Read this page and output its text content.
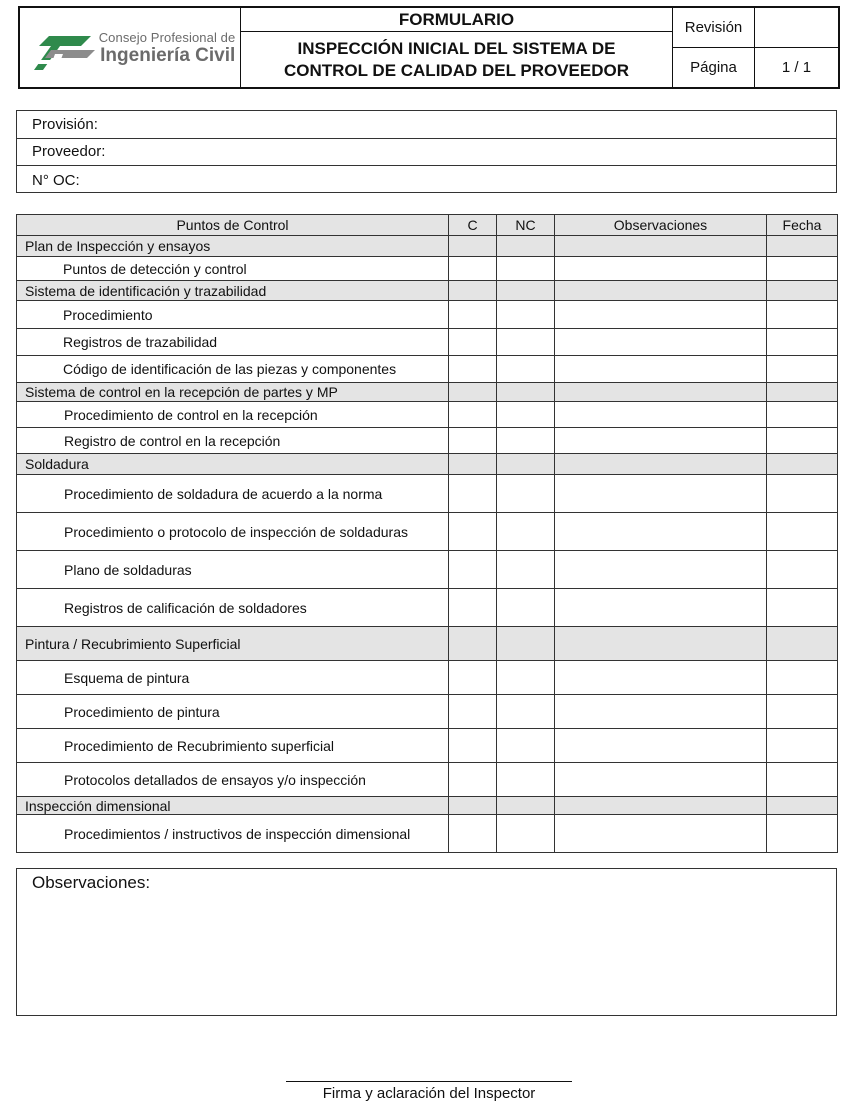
Consejo Profesional de
Ingeniería Civil
FORMULARIO
INSPECCIÓN INICIAL DEL SISTEMA DE
CONTROL DE CALIDAD DEL PROVEEDOR
Revisión
Página	1 / 1
Provisión:
Proveedor:
N° OC:
Puntos de Control	C	NC	Observaciones	Fecha
Plan de Inspección y ensayos				
Puntos de detección y control				
Sistema de identificación y trazabilidad				
Procedimiento				
Registros de trazabilidad				
Código de identificación de las piezas y componentes				
Sistema de control en la recepción de partes y MP				
Procedimiento de control en la recepción				
Registro de control en la recepción				
Soldadura				
Procedimiento de soldadura de acuerdo a la norma				
Procedimiento o protocolo de inspección de soldaduras				
Plano de soldaduras				
Registros de calificación de soldadores				
Pintura / Recubrimiento Superficial				
Esquema de pintura				
Procedimiento de pintura				
Procedimiento de Recubrimiento superficial				
Protocolos detallados de ensayos y/o inspección				
Inspección dimensional				
Procedimientos / instructivos de inspección dimensional				
Observaciones:
Firma y aclaración del Inspector
